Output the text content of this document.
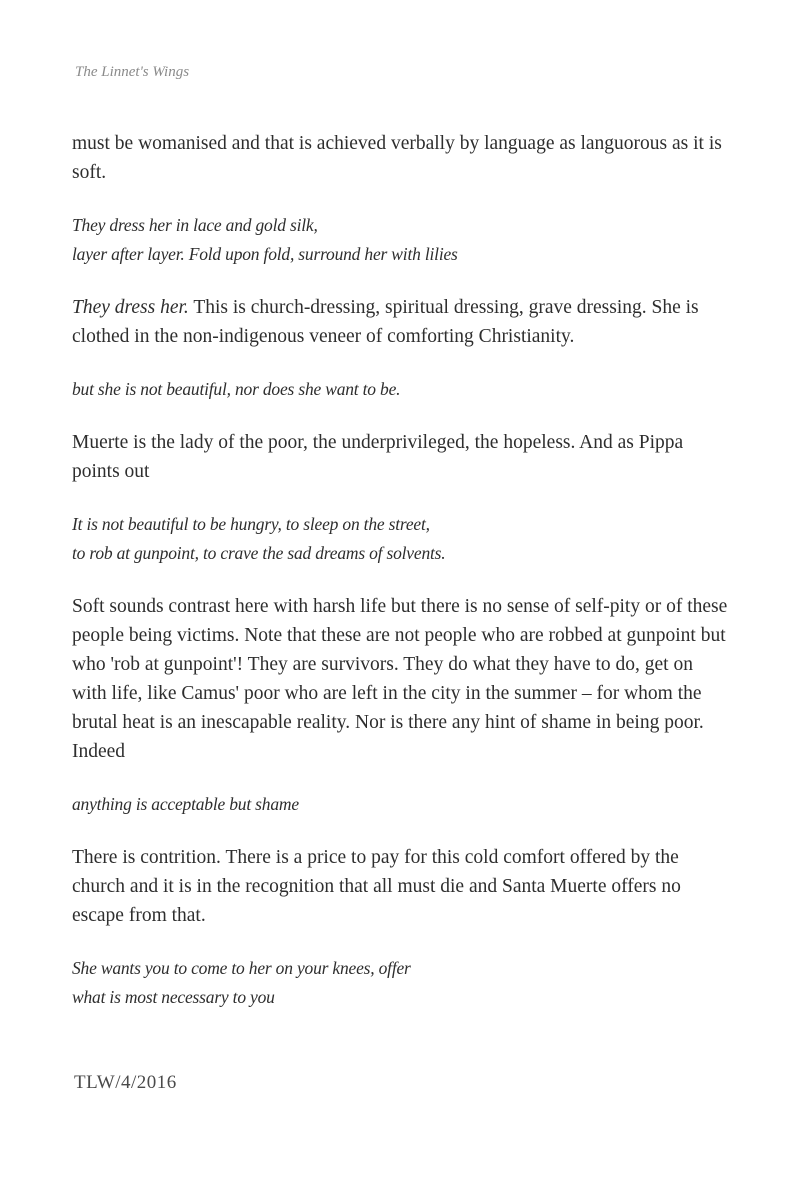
The Linnet's Wings

must be womanised and that is achieved verbally by language as languorous as it is soft.

They dress her in lace and gold silk,
layer after layer. Fold upon fold, surround her with lilies

They dress her. This is church-dressing, spiritual dressing, grave dressing. She is clothed in the non-indigenous veneer of comforting Christianity.

but she is not beautiful, nor does she want to be.

Muerte is the lady of the poor, the underprivileged, the hopeless. And as Pippa points out

It is not beautiful to be hungry, to sleep on the street,
to rob at gunpoint, to crave the sad dreams of solvents.

Soft sounds contrast here with harsh life but there is no sense of self-pity or of these people being victims. Note that these are not people who are robbed at gunpoint but who 'rob at gunpoint'! They are survivors. They do what they have to do, get on with life, like Camus' poor who are left in the city in the summer – for whom the brutal heat is an inescapable reality. Nor is there any hint of shame in being poor. Indeed

anything is acceptable but shame

There is contrition. There is a price to pay for this cold comfort offered by the church and it is in the recognition that all must die and Santa Muerte offers no escape from that.

She wants you to come to her on your knees, offer
what is most necessary to you

TLW/4/2016
